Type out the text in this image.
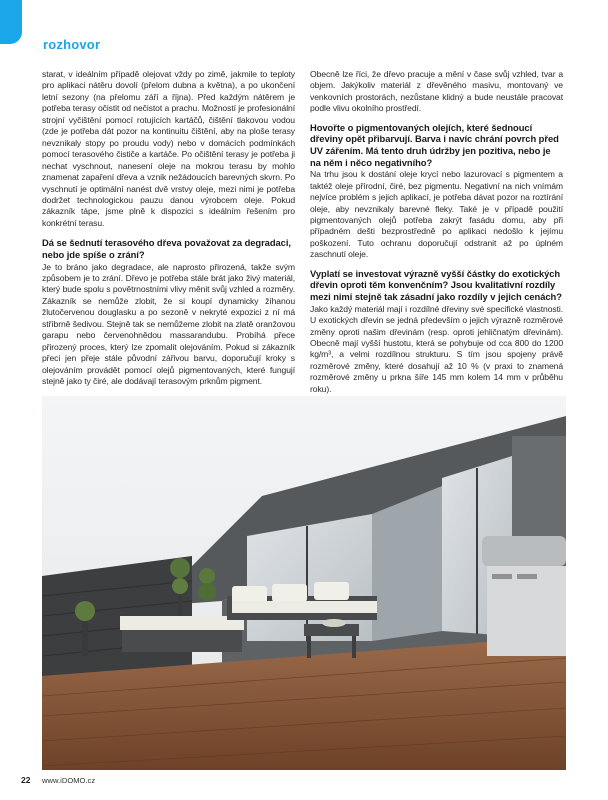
rozhovor

starat, v ideálním případě olejovat vždy po zimě, jakmile to teploty pro aplikaci nátěru dovolí (přelom dubna a května), a po ukončení letní sezony (na přelomu září a října). Před každým nátěrem je potřeba terasy očistit od nečistot a prachu. Možností je profesionální strojní vyčištění pomocí rotujících kartáčů, čištění tlakovou vodou (zde je potřeba dát pozor na kontinuitu čištění, aby na ploše terasy nevznikaly stopy po proudu vody) nebo v domácích podmínkách pomocí terasového čističe a kartáče. Po očištění terasy je potřeba ji nechat vyschnout, nanesení oleje na mokrou terasu by mohlo znamenat zapaření dřeva a vznik nežádoucích barevných skvrn. Po vyschnutí je optimální nanést dvě vrstvy oleje, mezi nimi je potřeba dodržet technologickou pauzu danou výrobcem oleje. Pokud zákazník tápe, jsme plně k dispozici s ideálním řešením pro konkrétní terasu.

Dá se šednutí terasového dřeva považovat za degradaci, nebo jde spíše o zrání?

Je to bráno jako degradace, ale naprosto přirozená, takže svým způsobem je to zrání. Dřevo je potřeba stále brát jako živý materiál, který bude spolu s povětrnostními vlivy měnit svůj vzhled a rozměry. Zákazník se nemůže zlobit, že si koupí dynamicky žíhanou žlutočervenou douglasku a po sezoně v nekryté expozici z ní má stříbrně šedivou. Stejně tak se nemůžeme zlobit na zlatě oranžovou garapu nebo červenohnědou massarandubu. Probíhá přece přirozený proces, který lze zpomalit olejováním. Pokud si zákazník přeci jen přeje stále původní zářivou barvu, doporučují kroky s olejováním provádět pomocí olejů pigmentovaných, které fungují stejně jako ty čiré, ale dodávají terasovým prknům pigment.

Obecně lze říci, že dřevo pracuje a mění v čase svůj vzhled, tvar a objem. Jakýkoliv materiál z dřevěného masivu, montovaný ve venkovních prostorách, nezůstane klidný a bude neustále pracovat podle vlivu okolního prostředí.

Hovořte o pigmentovaných olejích, které šednoucí dřeviny opět přibarvují. Barva i navíc chrání povrch před UV zářením. Má tento druh údržby jen pozitiva, nebo je na něm i něco negativního?

Na trhu jsou k dostání oleje krycí nebo lazurovací s pigmentem a taktéž oleje přírodní, čiré, bez pigmentu. Negativní na nich vnímám nejvíce problém s jejich aplikací, je potřeba dávat pozor na roztírání oleje, aby nevznikaly barevné fleky. Také je v případě použití pigmentovaných olejů potřeba zakrýt fasádu domu, aby při případném dešti bezprostředně po aplikaci nedošlo k jejímu poškození. Tuto ochranu doporučují odstranit až po úplném zaschnutí oleje.

Vyplatí se investovat výrazně vyšší částky do exotických dřevin oproti těm konvenčním? Jsou kvalitativní rozdíly mezi nimi stejně tak zásadní jako rozdíly v jejich cenách?

Jako každý materiál mají i rozdílné dřeviny své specifické vlastnosti. U exotických dřevin se jedná především o jejich výrazně rozměrové změny oproti našim dřevinám (resp. oproti jehličnatým dřevinám). Obecně mají vyšší hustotu, která se pohybuje od cca 800 do 1200 kg/m³, a velmi rozdílnou strukturu. S tím jsou spojeny právě rozměrové změny, které dosahují až 10 % (v praxi to znamená rozměrové změny u prkna šíře 145 mm kolem 14 mm v průběhu roku).

22 www.iDOMO.cz
